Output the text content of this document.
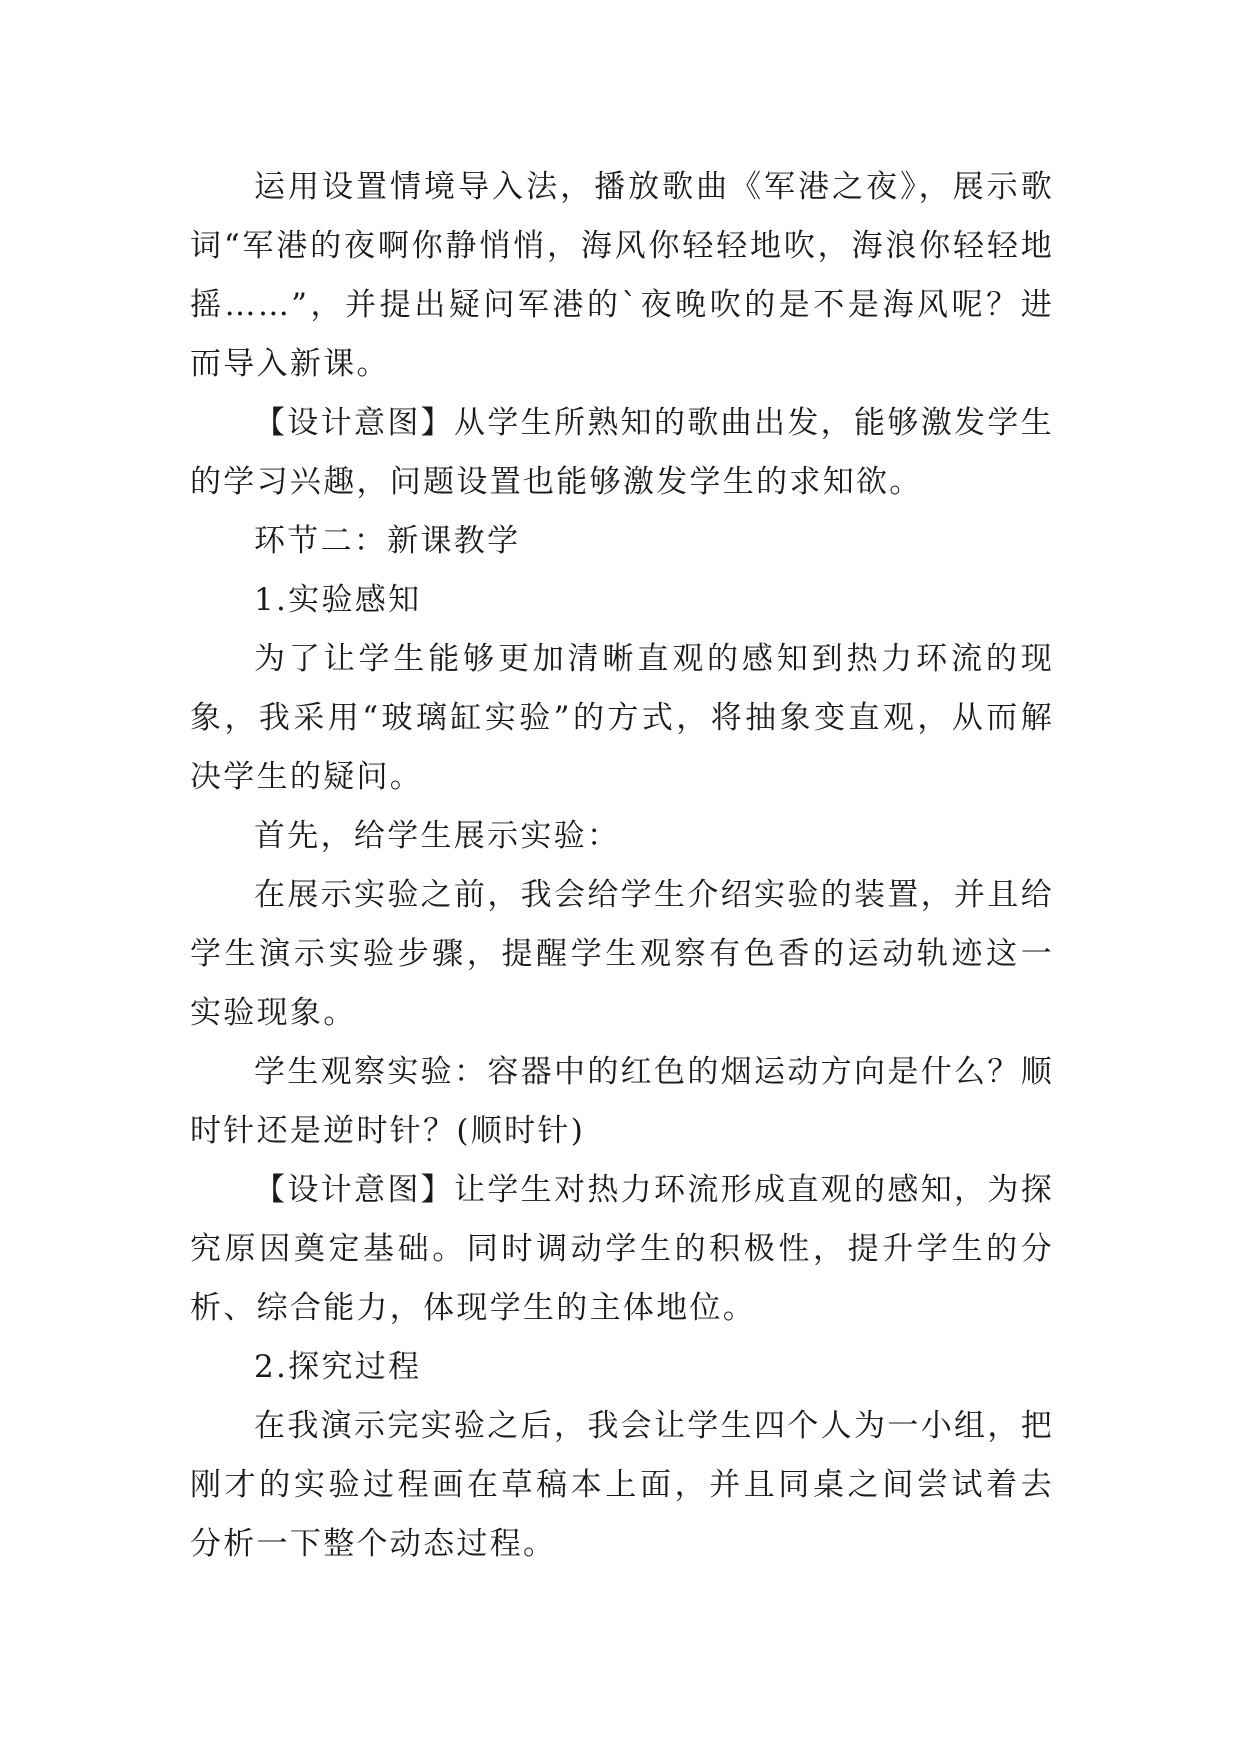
运用设置情境导入法，播放歌曲《军港之夜》，展示歌词“军港的夜啊你静悄悄，海风你轻轻地吹，海浪你轻轻地摇……”，并提出疑问军港的`夜晚吹的是不是海风呢？进而导入新课。

【设计意图】从学生所熟知的歌曲出发，能够激发学生的学习兴趣，问题设置也能够激发学生的求知欲。

环节二：新课教学

1.实验感知

为了让学生能够更加清晰直观的感知到热力环流的现象，我采用“玻璃缸实验”的方式，将抽象变直观，从而解决学生的疑问。

首先，给学生展示实验：

在展示实验之前，我会给学生介绍实验的装置，并且给学生演示实验步骤，提醒学生观察有色香的运动轨迹这一实验现象。

学生观察实验：容器中的红色的烟运动方向是什么？顺时针还是逆时针？(顺时针)

【设计意图】让学生对热力环流形成直观的感知，为探究原因奠定基础。同时调动学生的积极性，提升学生的分析、综合能力，体现学生的主体地位。

2.探究过程

在我演示完实验之后，我会让学生四个人为一小组，把刚才的实验过程画在草稿本上面，并且同桌之间尝试着去分析一下整个动态过程。
